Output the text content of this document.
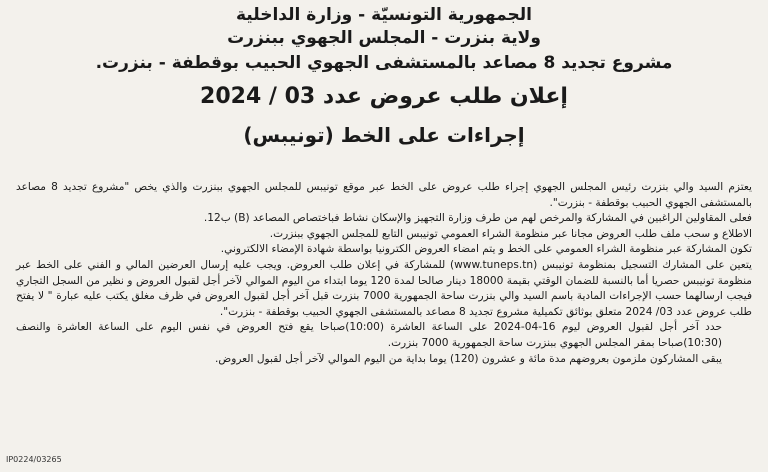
الجمهورية التونسيّة - وزارة الداخلية
ولاية بنزرت - المجلس الجهوي ببنزرت
مشروع تجديد 8 مصاعد بالمستشفى الجهوي الحبيب بوقطفة - بنزرت.
إعلان طلب عروض عدد 03 / 2024
إجراءات على الخط (تونيبس)

يعتزم السيد والي بنزرت رئيس المجلس الجهوي إجراء طلب عروض على الخط عبر موقع تونيبس للمجلس الجهوي ببنزرت والذي يخص "مشروع تجديد 8 مصاعد بالمستشفى الجهوي الحبيب بوقطفة - بنزرت".

فعلى المقاولين الراغبين في المشاركة والمرخص لهم من طرف وزارة التجهيز والإسكان نشاط فباختصاص المصاعد (B) ب12.

الاطلاع و سحب ملف طلب العروض مجانا عبر منظومة الشراء العمومي تونيبس التابع للمجلس الجهوي ببنزرت.

تكون المشاركة عبر منظومة الشراء العمومي على الخط و يتم امضاء العروض الكترونيا بواسطة شهادة الإمضاء الالكتروني.

يتعين على المشارك التسجيل بمنظومة تونيبس (www.tuneps.tn) للمشاركة في إعلان طلب العروض. ويجب عليه إرسال العرضين المالي و الفني على الخط عبر منظومة تونيبس حصريا أما بالنسبة للضمان الوقتي بقيمة 18000 دينار صالحا لمدة 120 يوما ابتداء من اليوم الموالي لآخر أجل لقبول العروض و نظير من السجل التجاري فيجب ارسالهما حسب الإجراءات المادية باسم السيد والي بنزرت ساحة الجمهورية 7000 بنزرت قبل آخر أجل لقبول العروض في ظرف مغلق يكتب عليه عبارة " لا يفتح طلب عروض عدد 03/ 2024 متعلق بوثائق تكميلية مشروع تجديد 8 مصاعد بالمستشفى الجهوي الحبيب بوقطفة - بنزرت".

حدد آخر أجل لقبول العروض ليوم 16-04-2024 على الساعة العاشرة (10:00)صباحا يقع فتح العروض في نفس اليوم على الساعة العاشرة والنصف (10:30)صباحا بمقر المجلس الجهوي ببنزرت ساحة الجمهورية 7000 بنزرت.

يبقى المشاركون ملزمون بعروضهم مدة مائة و عشرون (120) يوما بداية من اليوم الموالي لآخر أجل لقبول العروض.

IP0224/03265
